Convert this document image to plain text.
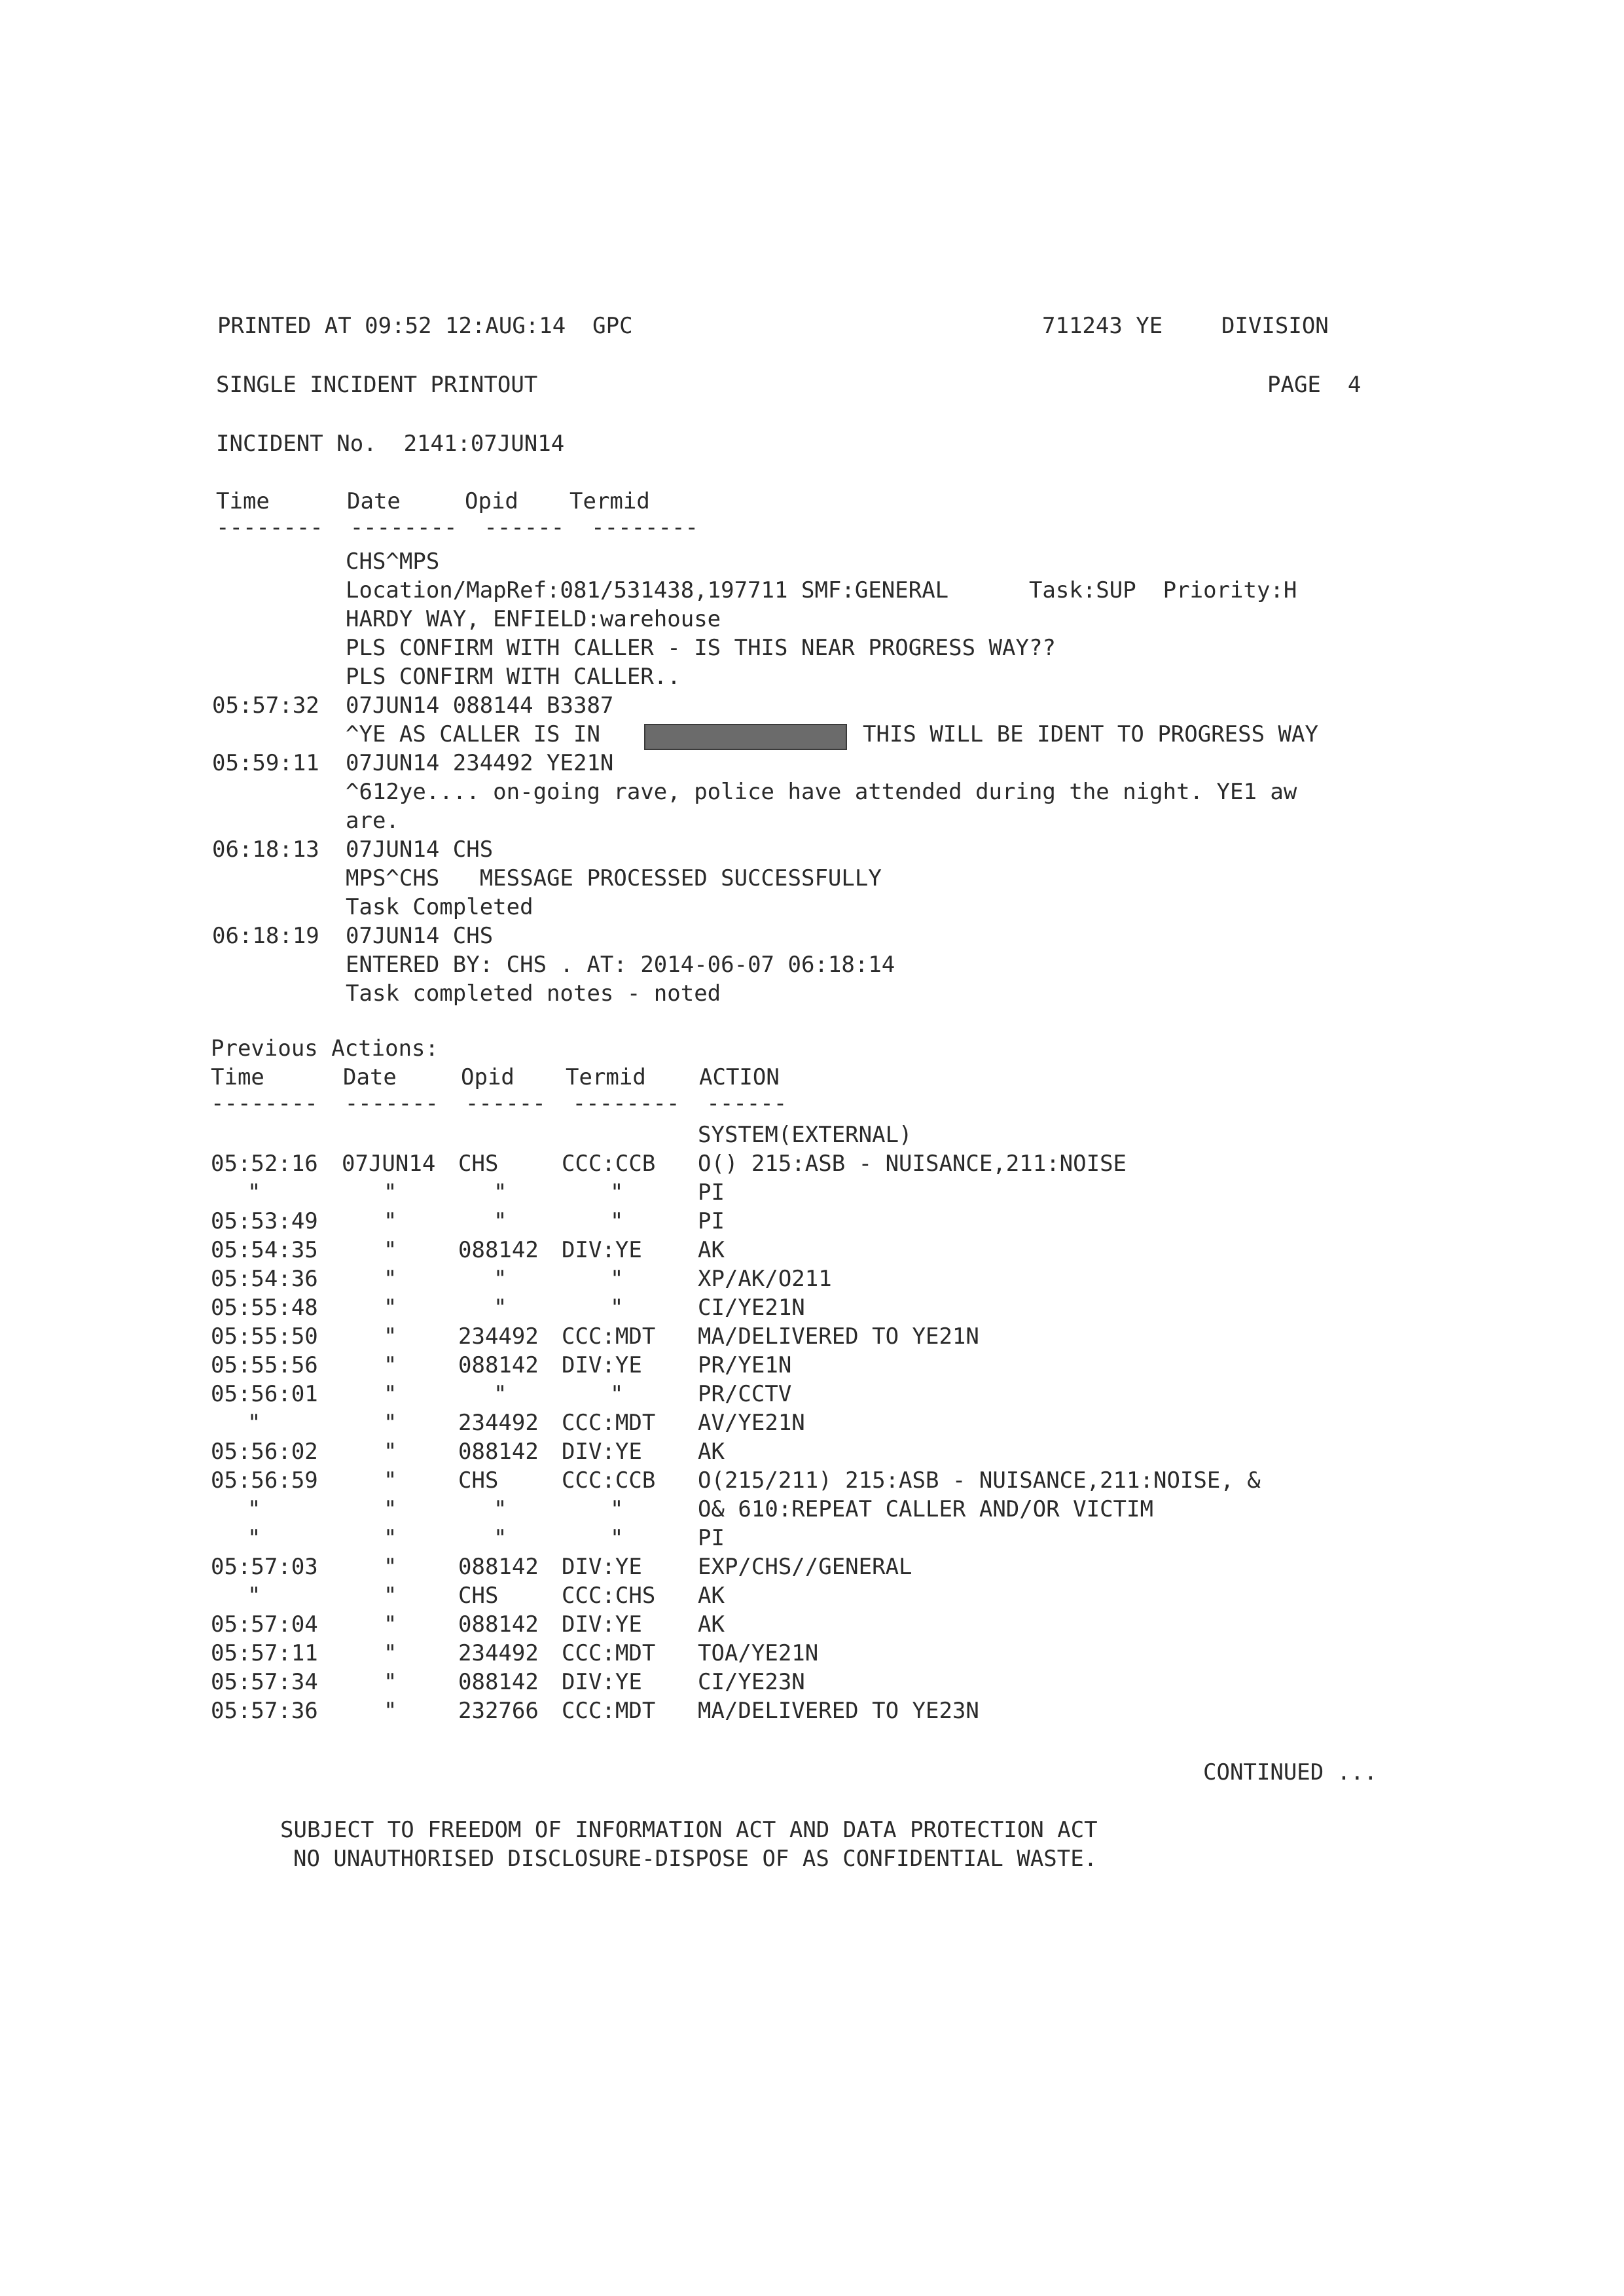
PRINTED AT 09:52 12:AUG:14  GPC	711243 YE	DIVISION
SINGLE INCIDENT PRINTOUT	PAGE  4
INCIDENT No.  2141:07JUN14
Time	Date	Opid Termid
--------  --------  ------  --------
CHS^MPS
Location/MapRef:081/531438,197711 SMF:GENERAL      Task:SUP  Priority:H
HARDY WAY, ENFIELD:warehouse
PLS CONFIRM WITH CALLER - IS THIS NEAR PROGRESS WAY??
PLS CONFIRM WITH CALLER..
05:57:32 07JUN14 088144 B3387
^YE AS CALLER IS IN	THIS WILL BE IDENT TO PROGRESS WAY
05:59:11 07JUN14 234492 YE21N
^612ye.... on-going rave, police have attended during the night. YE1 aw
are.
06:18:13 07JUN14 CHS
MPS^CHS   MESSAGE PROCESSED SUCCESSFULLY
Task Completed
06:18:19 07JUN14 CHS
ENTERED BY: CHS . AT: 2014-06-07 06:18:14
Task completed notes - noted
Previous Actions:
Time	Date	Opid Termid ACTION
--------  -------  ------  --------  ------
SYSTEM(EXTERNAL)
05:52:16 07JUN14 CHS	CCC:CCB O() 215:ASB - NUISANCE,211:NOISE
"	"	"	"	PI
05:53:49	"	"	"	PI
05:54:35	"	088142 DIV:YE	AK
05:54:36	"	"	"	XP/AK/O211
05:55:48	"	"	"	CI/YE21N
05:55:50	"	234492 CCC:MDT MA/DELIVERED TO YE21N
05:55:56	"	088142 DIV:YE	PR/YE1N
05:56:01	"	"	"	PR/CCTV
"	"	234492 CCC:MDT AV/YE21N
05:56:02	"	088142 DIV:YE	AK
05:56:59	"	CHS	CCC:CCB O(215/211) 215:ASB - NUISANCE,211:NOISE, &
"	"	"	"	O& 610:REPEAT CALLER AND/OR VICTIM
"	"	"	"	PI
05:57:03	"	088142 DIV:YE	EXP/CHS//GENERAL
"	"	CHS	CCC:CHS AK
05:57:04	"	088142 DIV:YE	AK
05:57:11	"	234492 CCC:MDT TOA/YE21N
05:57:34	"	088142 DIV:YE	CI/YE23N
05:57:36	"	232766 CCC:MDT MA/DELIVERED TO YE23N
CONTINUED ...
SUBJECT TO FREEDOM OF INFORMATION ACT AND DATA PROTECTION ACT
NO UNAUTHORISED DISCLOSURE-DISPOSE OF AS CONFIDENTIAL WASTE.
